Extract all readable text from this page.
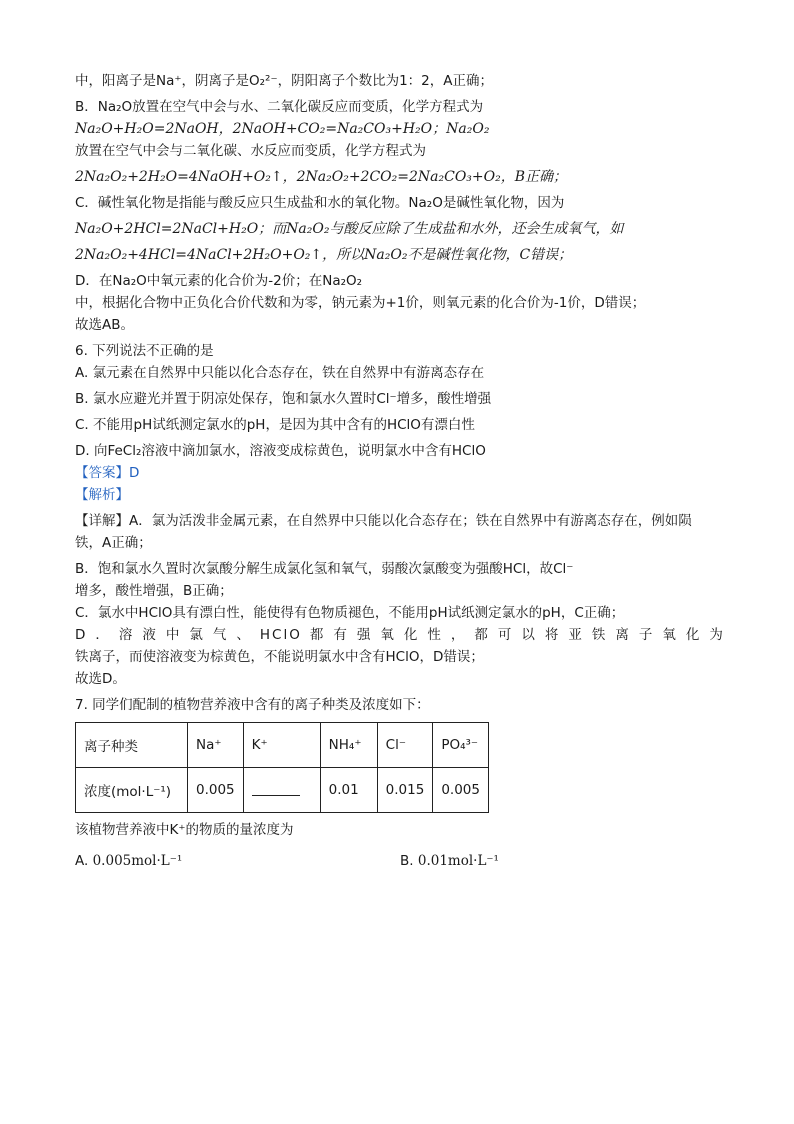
中，阳离子是Na⁺，阴离子是O₂²⁻，阴阳离子个数比为1：2，A正确；
B．Na₂O放置在空气中会与水、二氧化碳反应而变质，化学方程式为
Na₂O+H₂O=2NaOH，2NaOH+CO₂=Na₂CO₃+H₂O；Na₂O₂
放置在空气中会与二氧化碳、水反应而变质，化学方程式为
2Na₂O₂+2H₂O=4NaOH+O₂↑，2Na₂O₂+2CO₂=2Na₂CO₃+O₂，B正确；
C．碱性氧化物是指能与酸反应只生成盐和水的氧化物。Na₂O是碱性氧化物，因为
Na₂O+2HCl=2NaCl+H₂O；而Na₂O₂与酸反应除了生成盐和水外，还会生成氧气，如
2Na₂O₂+4HCl=4NaCl+2H₂O+O₂↑，所以Na₂O₂不是碱性氧化物，C错误；
D．在Na₂O中氧元素的化合价为-2价；在Na₂O₂
中，根据化合物中正负化合价代数和为零，钠元素为+1价，则氧元素的化合价为-1价，D错误；
故选AB。
6. 下列说法不正确的是
A. 氯元素在自然界中只能以化合态存在，铁在自然界中有游离态存在
B. 氯水应避光并置于阴凉处保存，饱和氯水久置时Cl⁻增多，酸性增强
C. 不能用pH试纸测定氯水的pH，是因为其中含有的HClO有漂白性
D. 向FeCl₂溶液中滴加氯水，溶液变成棕黄色，说明氯水中含有HClO
【答案】D
【解析】
【详解】A．氯为活泼非金属元素，在自然界中只能以化合态存在；铁在自然界中有游离态存在，例如陨
铁，A正确；
B．饱和氯水久置时次氯酸分解生成氯化氢和氧气，弱酸次氯酸变为强酸HCl，故Cl⁻
增多，酸性增强，B正确；
C．氯水中HClO具有漂白性，能使得有色物质褪色，不能用pH试纸测定氯水的pH，C正确；
D ． 溶 液 中 氯 气 、 HClO 都 有 强 氧 化 性 ， 都 可 以 将 亚 铁 离 子 氧 化 为
铁离子，而使溶液变为棕黄色，不能说明氯水中含有HClO，D错误；
故选D。
7. 同学们配制的植物营养液中含有的离子种类及浓度如下：
离子种类	Na⁺	K⁺	NH₄⁺	Cl⁻	PO₄³⁻
浓度(mol·L⁻¹)	0.005		0.01	0.015	0.005
该植物营养液中K⁺的物质的量浓度为
A. 0.005mol·L⁻¹	B. 0.01mol·L⁻¹
